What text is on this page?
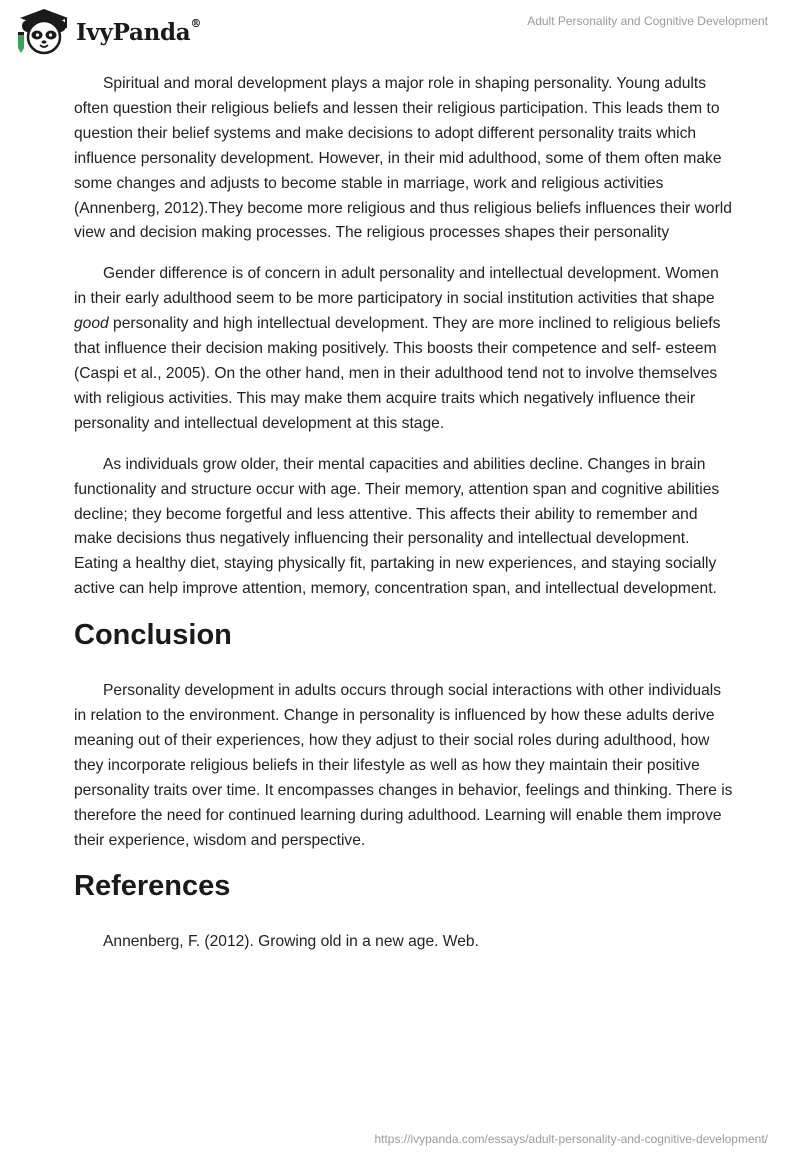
IvyPanda®	Adult Personality and Cognitive Development

Spiritual and moral development plays a major role in shaping personality. Young adults often question their religious beliefs and lessen their religious participation. This leads them to question their belief systems and make decisions to adopt different personality traits which influence personality development. However, in their mid adulthood, some of them often make some changes and adjusts to become stable in marriage, work and religious activities (Annenberg, 2012).They become more religious and thus religious beliefs influences their world view and decision making processes. The religious processes shapes their personality

Gender difference is of concern in adult personality and intellectual development. Women in their early adulthood seem to be more participatory in social institution activities that shape good personality and high intellectual development. They are more inclined to religious beliefs that influence their decision making positively. This boosts their competence and self- esteem (Caspi et al., 2005). On the other hand, men in their adulthood tend not to involve themselves with religious activities. This may make them acquire traits which negatively influence their personality and intellectual development at this stage.

As individuals grow older, their mental capacities and abilities decline. Changes in brain functionality and structure occur with age. Their memory, attention span and cognitive abilities decline; they become forgetful and less attentive. This affects their ability to remember and make decisions thus negatively influencing their personality and intellectual development. Eating a healthy diet, staying physically fit, partaking in new experiences, and staying socially active can help improve attention, memory, concentration span, and intellectual development.

Conclusion

Personality development in adults occurs through social interactions with other individuals in relation to the environment. Change in personality is influenced by how these adults derive meaning out of their experiences, how they adjust to their social roles during adulthood, how they incorporate religious beliefs in their lifestyle as well as how they maintain their positive personality traits over time. It encompasses changes in behavior, feelings and thinking. There is therefore the need for continued learning during adulthood. Learning will enable them improve their experience, wisdom and perspective.

References

Annenberg, F. (2012). Growing old in a new age. Web.

https://ivypanda.com/essays/adult-personality-and-cognitive-development/
